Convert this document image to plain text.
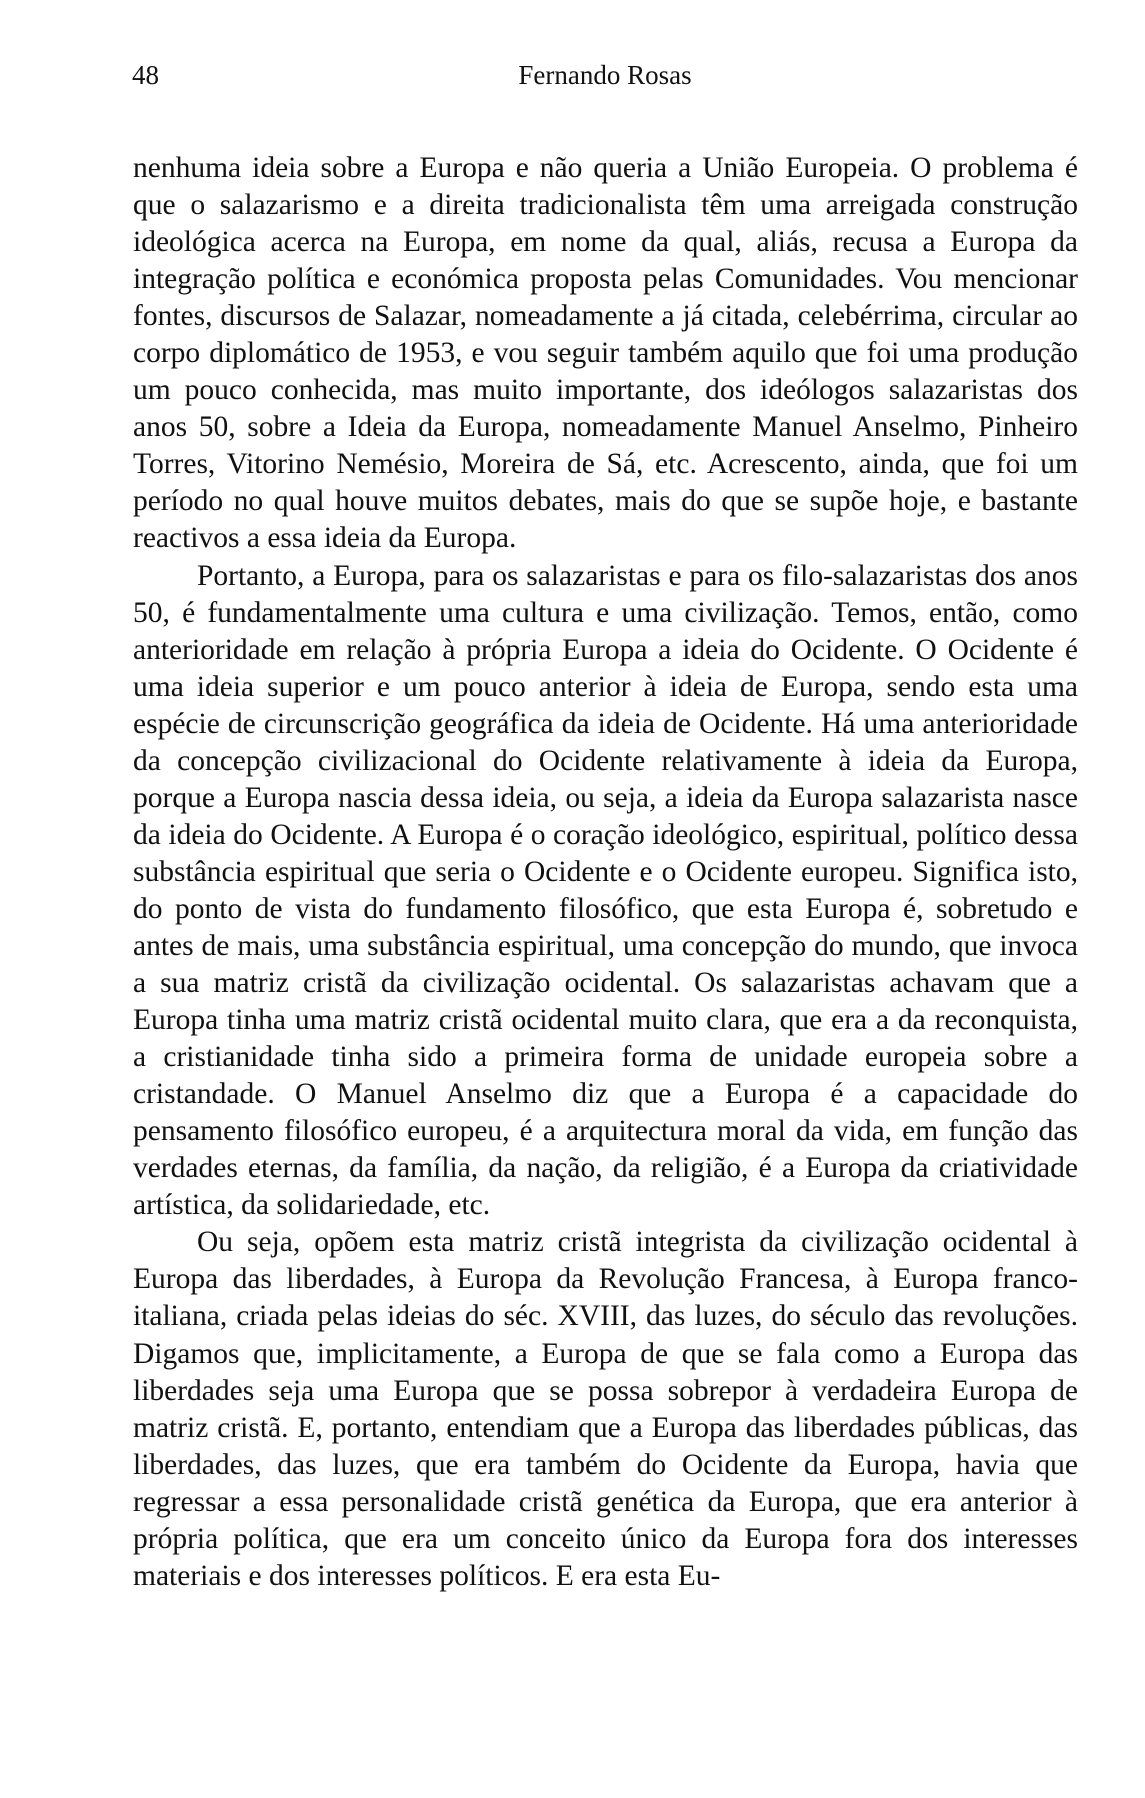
48	Fernando Rosas

nenhuma ideia sobre a Europa e não queria a União Europeia. O problema é que o salazarismo e a direita tradicionalista têm uma arreigada construção ideológica acerca na Europa, em nome da qual, aliás, recusa a Europa da integração política e económica proposta pelas Comunidades. Vou mencionar fontes, discursos de Salazar, nomeadamente a já citada, celebérrima, circular ao corpo diplomático de 1953, e vou seguir também aquilo que foi uma produção um pouco conhecida, mas muito importante, dos ideólogos salazaristas dos anos 50, sobre a Ideia da Europa, nomeadamente Manuel Anselmo, Pinheiro Torres, Vitorino Nemésio, Moreira de Sá, etc. Acrescento, ainda, que foi um período no qual houve muitos debates, mais do que se supõe hoje, e bastante reactivos a essa ideia da Europa.

Portanto, a Europa, para os salazaristas e para os filo-salazaristas dos anos 50, é fundamentalmente uma cultura e uma civilização. Temos, então, como anterioridade em relação à própria Europa a ideia do Ocidente. O Ocidente é uma ideia superior e um pouco anterior à ideia de Europa, sendo esta uma espécie de circunscrição geográfica da ideia de Ocidente. Há uma anterioridade da concepção civilizacional do Ocidente relativamente à ideia da Europa, porque a Europa nascia dessa ideia, ou seja, a ideia da Europa salazarista nasce da ideia do Ocidente. A Europa é o coração ideológico, espiritual, político dessa substância espiritual que seria o Ocidente e o Ocidente europeu. Significa isto, do ponto de vista do fundamento filosófico, que esta Europa é, sobretudo e antes de mais, uma substância espiritual, uma concepção do mundo, que invoca a sua matriz cristã da civilização ocidental. Os salazaristas achavam que a Europa tinha uma matriz cristã ocidental muito clara, que era a da reconquista, a cristianidade tinha sido a primeira forma de unidade europeia sobre a cristandade. O Manuel Anselmo diz que a Europa é a capacidade do pensamento filosófico europeu, é a arquitectura moral da vida, em função das verdades eternas, da família, da nação, da religião, é a Europa da criatividade artística, da solidariedade, etc.

Ou seja, opõem esta matriz cristã integrista da civilização ocidental à Europa das liberdades, à Europa da Revolução Francesa, à Europa franco-italiana, criada pelas ideias do séc. XVIII, das luzes, do século das revoluções. Digamos que, implicitamente, a Europa de que se fala como a Europa das liberdades seja uma Europa que se possa sobrepor à verdadeira Europa de matriz cristã. E, portanto, entendiam que a Europa das liberdades públicas, das liberdades, das luzes, que era também do Ocidente da Europa, havia que regressar a essa personalidade cristã genética da Europa, que era anterior à própria política, que era um conceito único da Europa fora dos interesses materiais e dos interesses políticos. E era esta Eu-
